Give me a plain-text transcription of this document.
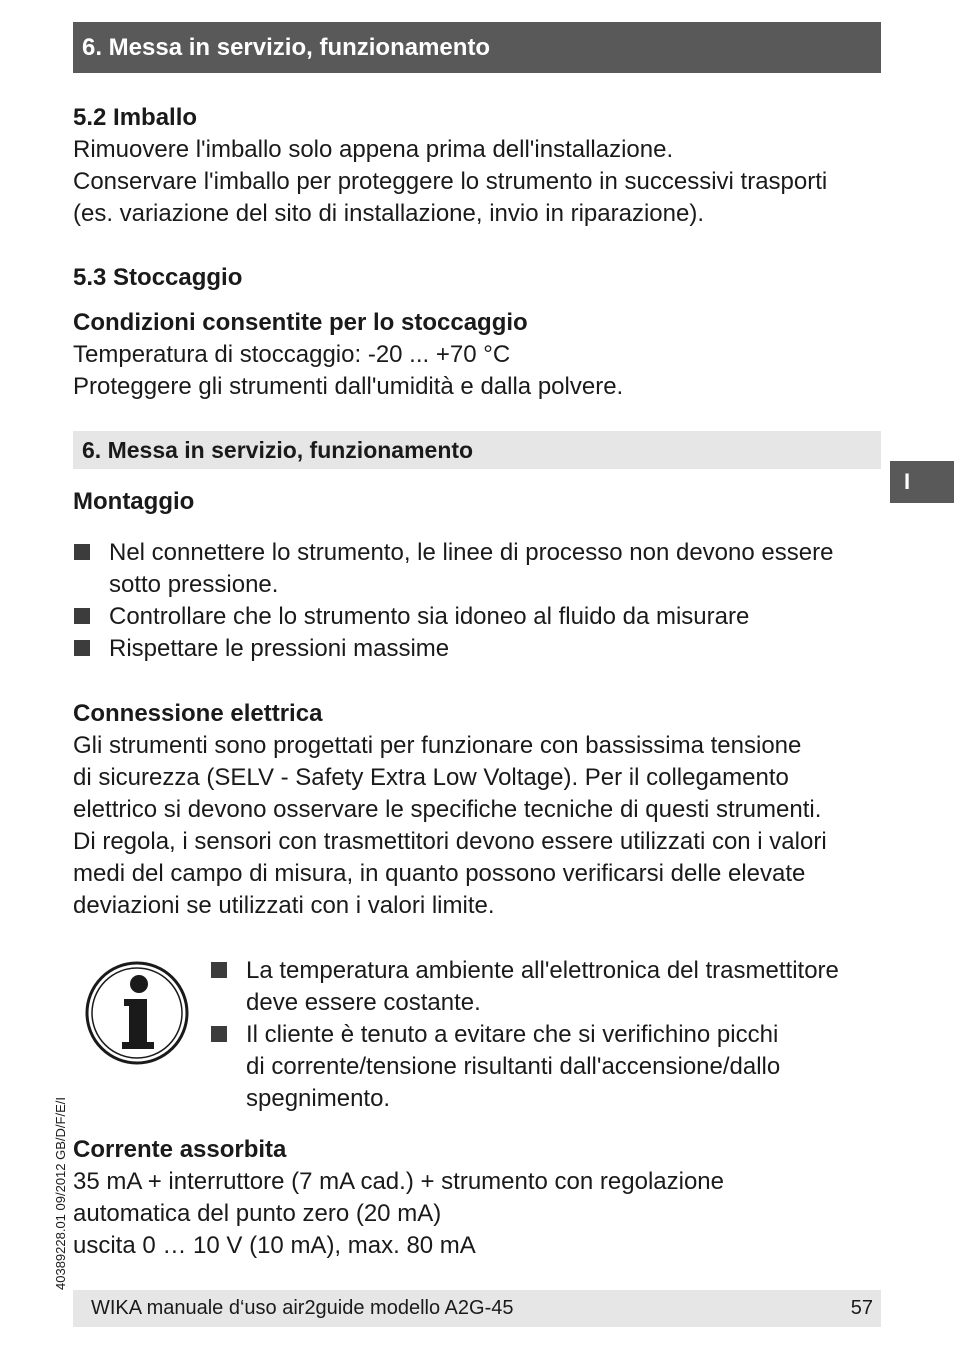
6. Messa in servizio, funzionamento

5.2 Imballo

Rimuovere l'imballo solo appena prima dell'installazione.

Conservare l'imballo per proteggere lo strumento in successivi trasporti

(es. variazione del sito di installazione, invio in riparazione).

5.3 Stoccaggio

Condizioni consentite per lo stoccaggio

Temperatura di stoccaggio: -20 ... +70 °C

Proteggere gli strumenti dall'umidità e dalla polvere.

6. Messa in servizio, funzionamento
I

Montaggio

Nel connettere lo strumento, le linee di processo non devono essere
sotto pressione.
Controllare che lo strumento sia idoneo al fluido da misurare
Rispettare le pressioni massime

Connessione elettrica

Gli strumenti sono progettati per funzionare con bassissima tensione

di sicurezza (SELV - Safety Extra Low Voltage). Per il collegamento

elettrico si devono osservare le specifiche tecniche di questi strumenti.

Di regola, i sensori con trasmettitori devono essere utilizzati con i valori

medi del campo di misura, in quanto possono verificarsi delle elevate

deviazioni se utilizzati con i valori limite.

La temperatura ambiente all'elettronica del trasmettitore
deve essere costante.
Il cliente è tenuto a evitare che si verifichino picchi
di corrente/tensione risultanti dall'accensione/dallo
spegnimento.

Corrente assorbita

35 mA + interruttore (7 mA cad.) + strumento con regolazione

automatica del punto zero (20 mA)

uscita 0 … 10 V (10 mA), max. 80 mA

40389228.01 09/2012 GB/D/F/E/I
WIKA manuale d‘uso air2guide modello A2G-45	57
